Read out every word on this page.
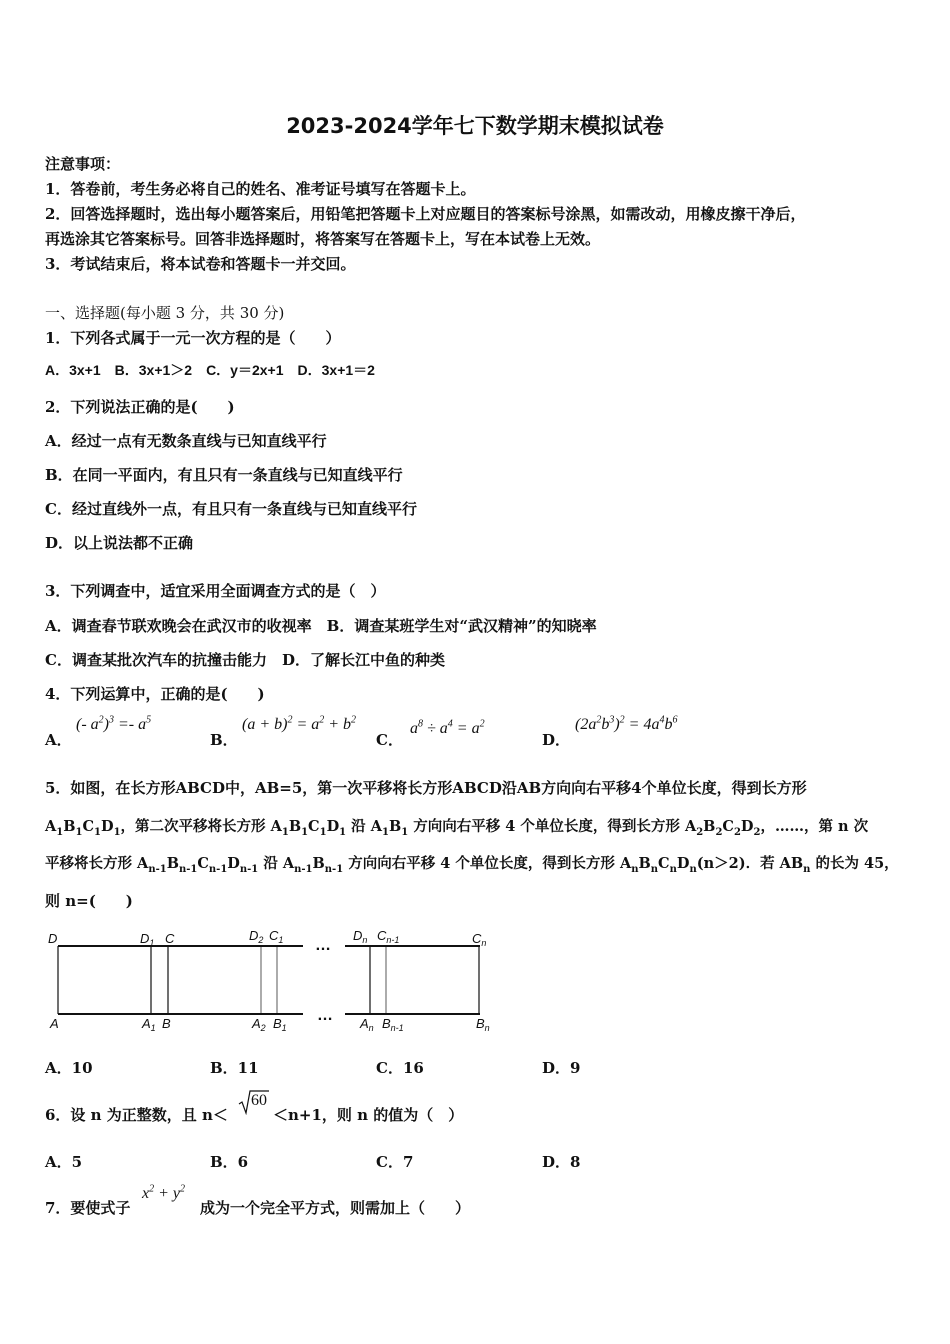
2023-2024学年七下数学期末模拟试卷
注意事项：
1．答卷前，考生务必将自己的姓名、准考证号填写在答题卡上。
2．回答选择题时，选出每小题答案后，用铅笔把答题卡上对应题目的答案标号涂黑，如需改动，用橡皮擦干净后，
再选涂其它答案标号。回答非选择题时，将答案写在答题卡上，写在本试卷上无效。
3．考试结束后，将本试卷和答题卡一并交回。
一、选择题(每小题 3 分，共 30 分)
1．下列各式属于一元一次方程的是（　　）
A．3x+1　B．3x+1＞2　C．y＝2x+1　D．3x+1＝2
2．下列说法正确的是(　　)
A．经过一点有无数条直线与已知直线平行
B．在同一平面内，有且只有一条直线与已知直线平行
C．经过直线外一点，有且只有一条直线与已知直线平行
D．以上说法都不正确
3．下列调查中，适宜采用全面调查方式的是（　）
A．调查春节联欢晚会在武汉市的收视率　B．调查某班学生对“武汉精神”的知晓率
C．调查某批次汽车的抗撞击能力　D．了解长江中鱼的种类
4．下列运算中，正确的是(　　)
A．
(- $a^2)^3 =- a^5$
B．
$(a + b)^2 = a^2 + b^2$
C．
$a^8 \div a^4 = a^2$
D．
$(2a^2b^3)^2 = 4a^4b^6$
5．如图，在长方形ABCD中，AB=5，第一次平移将长方形ABCD沿AB方向向右平移4个单位长度，得到长方形
$A_1B_1C_1D_1$，第二次平移将长方形 $A_1B_1C_1D_1$ 沿 $A_1B_1$ 方向向右平移 4 个单位长度，得到长方形 $A_2B_2C_2D_2$，……，第 n 次
平移将长方形 $A_{n-1}B_{n-1}C_{n-1}D_{n-1}$ 沿 $A_{n-1}B_{n-1}$ 方向向右平移 4 个单位长度，得到长方形 $A_nB_nC_nD_n(n>2)$．若 $AB_n$ 的长为 45，
则 n=(　　)
D	$D_1$ C	$D_2$ $C_1$ …
$D_n$ $C_{n-1}$	$C_n$
A	$A_1$ B	$A_2$ $B_1$
… $A_n$ $B_{n-1}$	$B_n$
A．10	B．11	C．16	D．9
6．设 n 为正整数，且 n＜
60
＜n+1，则 n 的值为（　）
A．5	B．6	C．7	D．8
7．要使式子
$x^2 + y^2$
成为一个完全平方式，则需加上（　　）
